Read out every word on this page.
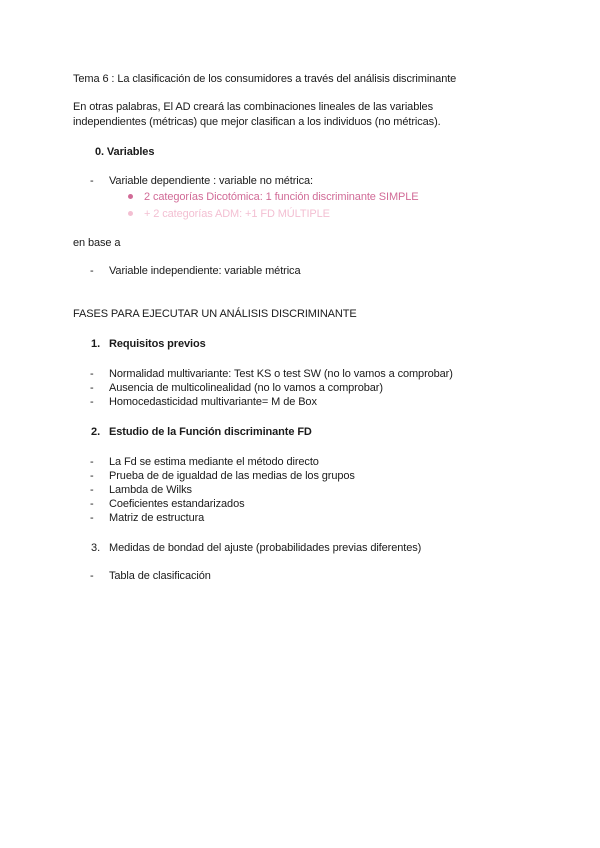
Tema 6 : La clasificación de los consumidores a través del análisis discriminante
En otras palabras, El AD creará las combinaciones lineales de las variables
independientes (métricas) que mejor clasifican a los individuos (no métricas).
0. Variables
- Variable dependiente : variable no métrica:
2 categorías Dicotómica: 1 función discriminante SIMPLE
+ 2 categorías ADM: +1 FD MÚLTIPLE
en base a
- Variable independiente: variable métrica
FASES PARA EJECUTAR UN ANÁLISIS DISCRIMINANTE
1. Requisitos previos
- Normalidad multivariante: Test KS o test SW (no lo vamos a comprobar)
- Ausencia de multicolinealidad (no lo vamos a comprobar)
- Homocedasticidad multivariante= M de Box
2. Estudio de la Función discriminante FD
- La Fd se estima mediante el método directo
- Prueba de de igualdad de las medias de los grupos
- Lambda de Wilks
- Coeficientes estandarizados
- Matriz de estructura
3. Medidas de bondad del ajuste (probabilidades previas diferentes)
- Tabla de clasificación
